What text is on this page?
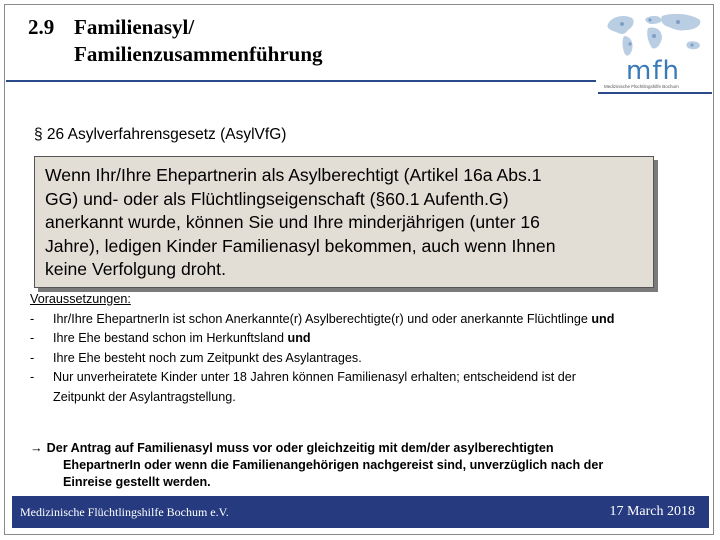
2.9 Familienasyl/
Familienzusammenführung
mfh
Medizinische Flüchtlingshilfe Bochum
§ 26 Asylverfahrensgesetz (AsylVfG)
Wenn Ihr/Ihre Ehepartnerin als Asylberechtigt (Artikel 16a Abs.1
GG) und- oder als Flüchtlingseigenschaft (§60.1 Aufenth.G)
anerkannt wurde, können Sie und Ihre minderjährigen (unter 16
Jahre), ledigen Kinder Familienasyl bekommen, auch wenn Ihnen
keine Verfolgung droht.
Voraussetzungen:
- Ihr/Ihre EhepartnerIn ist schon Anerkannte(r) Asylberechtigte(r) und oder anerkannte Flüchtlinge und
- Ihre Ehe bestand schon im Herkunftsland und
- Ihre Ehe besteht noch zum Zeitpunkt des Asylantrages.
- Nur unverheiratete Kinder unter 18 Jahren können Familienasyl erhalten; entscheidend ist der
Zeitpunkt der Asylantragstellung.
→ Der Antrag auf Familienasyl muss vor oder gleichzeitig mit dem/der asylberechtigten
EhepartnerIn oder wenn die Familienangehörigen nachgereist sind, unverzüglich nach der
Einreise gestellt werden.
Medizinische Flüchtlingshilfe Bochum e.V.	17 March 2018
